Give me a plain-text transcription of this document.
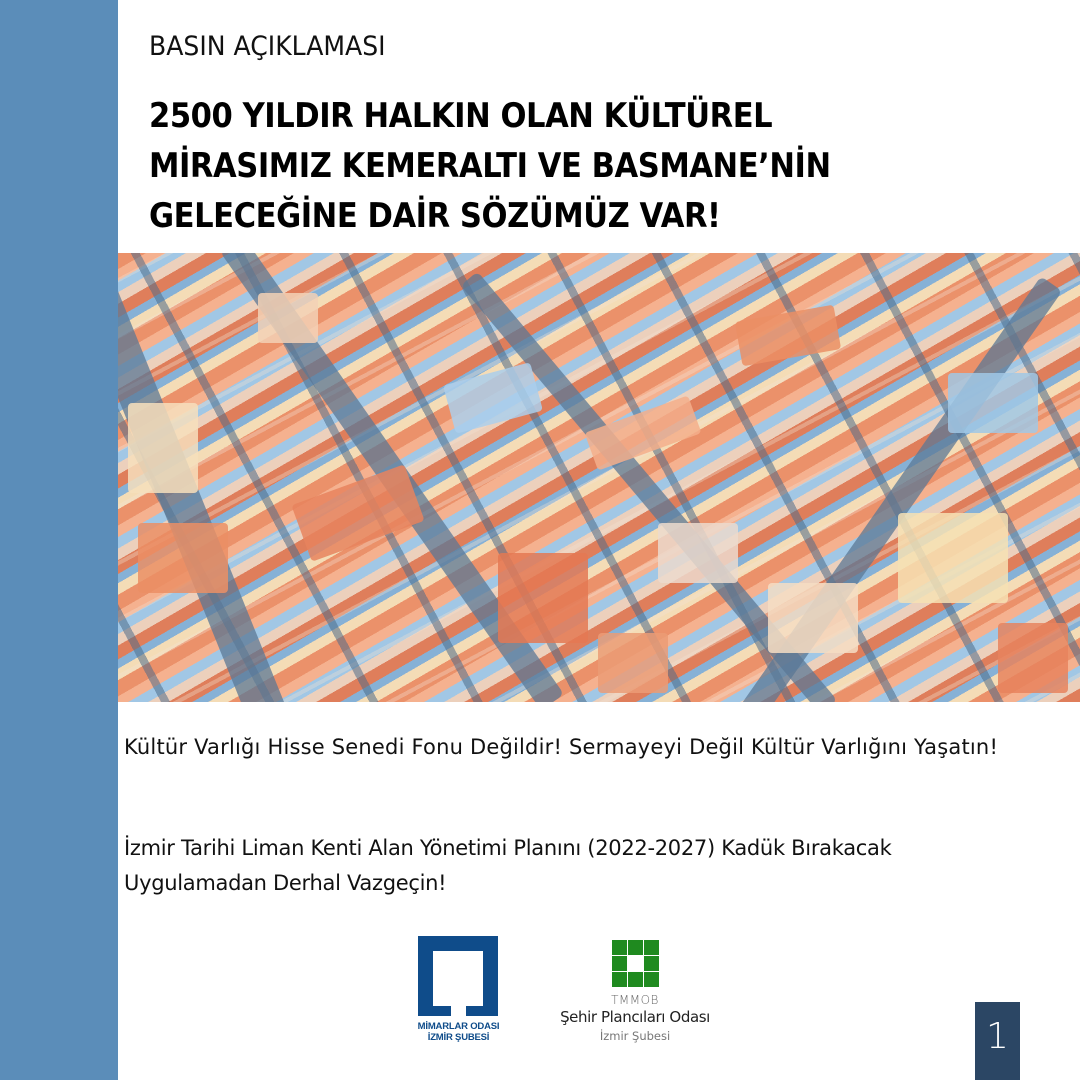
BASIN AÇIKLAMASI
2500 YILDIR HALKIN OLAN KÜLTÜREL
MİRASIMIZ KEMERALTI VE BASMANE’NİN
GELECEĞİNE DAİR SÖZÜMÜZ VAR!
Kültür Varlığı Hisse Senedi Fonu Değildir! Sermayeyi Değil Kültür Varlığını Yaşatın!
İzmir Tarihi Liman Kenti Alan Yönetimi Planını (2022-2027) Kadük Bırakacak
Uygulamadan Derhal Vazgeçin!
MİMARLAR ODASI
İZMİR ŞUBESİ
TMMOB
Şehir Plancıları Odası
İzmir Şubesi	1
